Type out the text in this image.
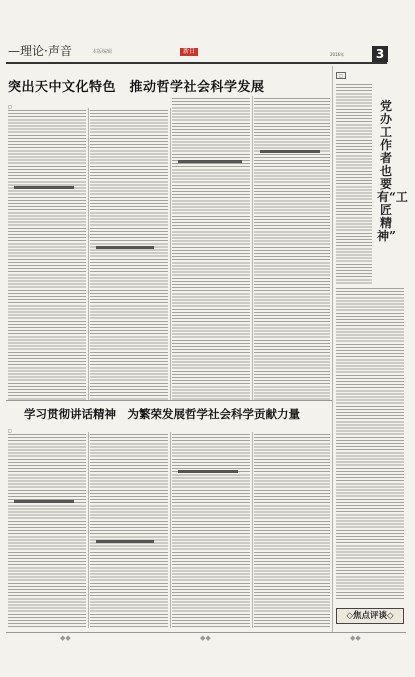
—理论·声音	本版编辑	新日	2016年	3
突出天中文化特色　推动哲学社会科学发展
□
学习贯彻讲话精神　为繁荣发展哲学社会科学贡献力量
□
□
党办工作者也要有“工匠精神”
◇焦点评谈◇
◆◆	◆◆	◆◆
